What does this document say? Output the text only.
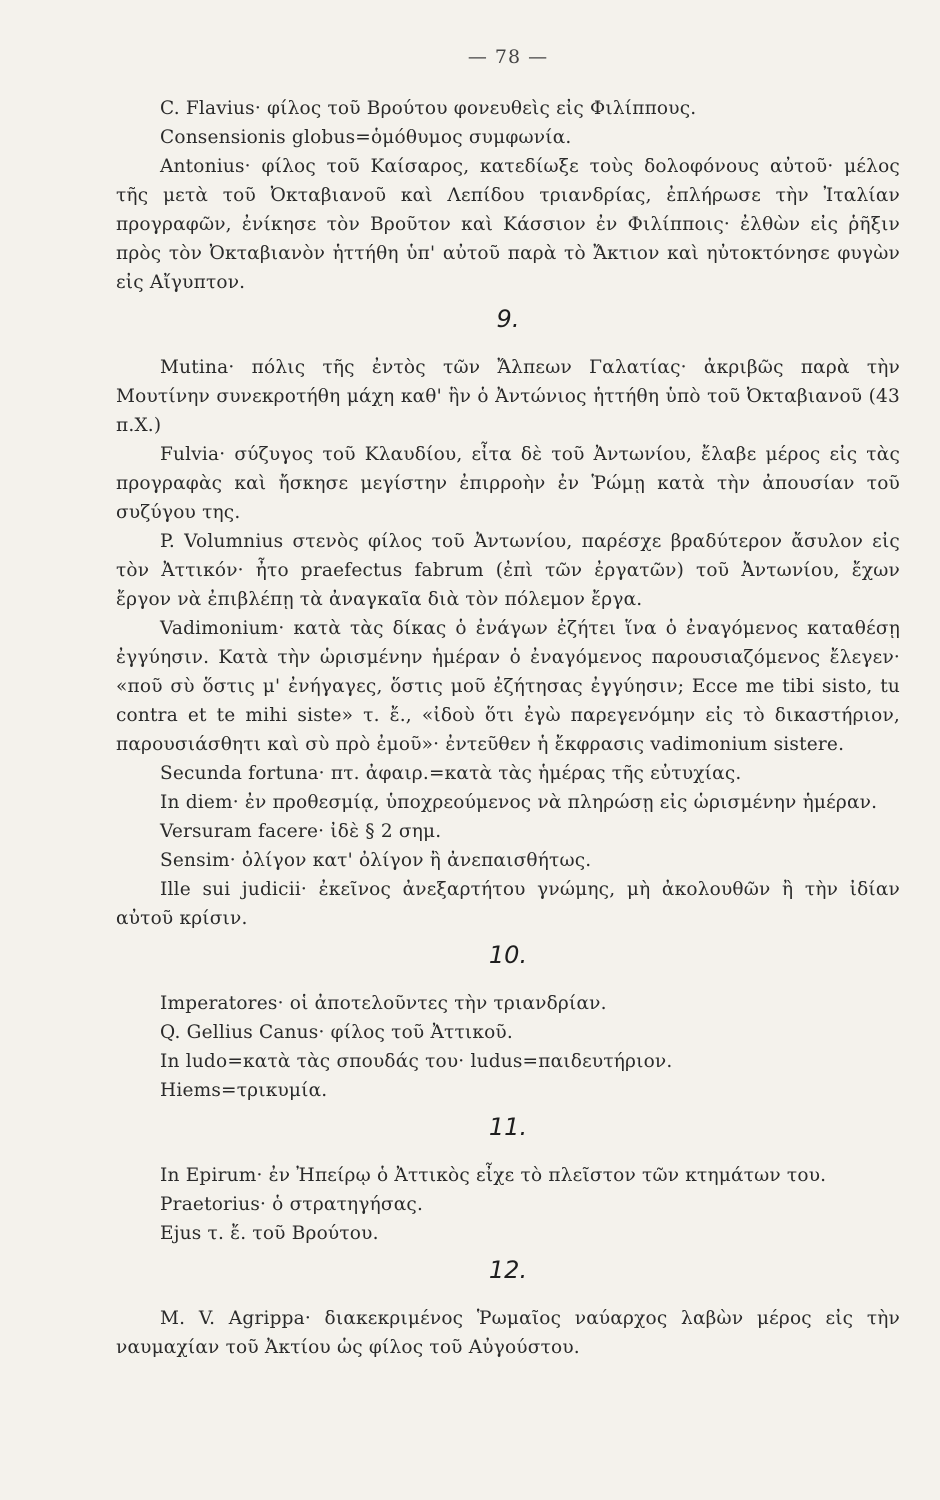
— 78 —

C. Flavius· φίλος τοῦ Βρούτου φονευθεὶς εἰς Φιλίππους.

Consensionis globus=ὁμόθυμος συμφωνία.

Antonius· φίλος τοῦ Καίσαρος, κατεδίωξε τοὺς δολοφόνους αὐτοῦ· μέλος τῆς μετὰ τοῦ Ὀκταβιανοῦ καὶ Λεπίδου τριανδρίας, ἐπλήρωσε τὴν Ἰταλίαν προγραφῶν, ἐνίκησε τὸν Βροῦτον καὶ Κάσσιον ἐν Φιλίπποις· ἐλθὼν εἰς ῥῆξιν πρὸς τὸν Ὀκταβιανὸν ἡττήθη ὑπ' αὐτοῦ παρὰ τὸ Ἄκτιον καὶ ηὐτοκτόνησε φυγὼν εἰς Αἴγυπτον.

9.

Mutina· πόλις τῆς ἐντὸς τῶν Ἄλπεων Γαλατίας· ἀκριβῶς παρὰ τὴν Μουτίνην συνεκροτήθη μάχη καθ' ἣν ὁ Ἀντώνιος ἡττήθη ὑπὸ τοῦ Ὀκταβιανοῦ (43 π.Χ.)

Fulvia· σύζυγος τοῦ Κλαυδίου, εἶτα δὲ τοῦ Ἀντωνίου, ἔλαβε μέρος εἰς τὰς προγραφὰς καὶ ἤσκησε μεγίστην ἐπιρροὴν ἐν Ῥώμῃ κατὰ τὴν ἀπουσίαν τοῦ συζύγου της.

P. Volumnius στενὸς φίλος τοῦ Ἀντωνίου, παρέσχε βραδύτερον ἄσυλον εἰς τὸν Ἀττικόν· ἦτο praefectus fabrum (ἐπὶ τῶν ἐργατῶν) τοῦ Ἀντωνίου, ἔχων ἔργον νὰ ἐπιβλέπῃ τὰ ἀναγκαῖα διὰ τὸν πόλεμον ἔργα.

Vadimonium· κατὰ τὰς δίκας ὁ ἐνάγων ἐζήτει ἵνα ὁ ἐναγόμενος καταθέσῃ ἐγγύησιν. Κατὰ τὴν ὡρισμένην ἡμέραν ὁ ἐναγόμενος παρουσιαζόμενος ἔλεγεν· «ποῦ σὺ ὅστις μ' ἐνήγαγες, ὅστις μοῦ ἐζήτησας ἐγγύησιν; Ecce me tibi sisto, tu contra et te mihi siste» τ. ἔ., «ἰδοὺ ὅτι ἐγὼ παρεγενόμην εἰς τὸ δικαστήριον, παρουσιάσθητι καὶ σὺ πρὸ ἐμοῦ»· ἐντεῦθεν ἡ ἔκφρασις vadimonium sistere.

Secunda fortuna· πτ. ἀφαιρ.=κατὰ τὰς ἡμέρας τῆς εὐτυχίας.

In diem· ἐν προθεσμίᾳ, ὑποχρεούμενος νὰ πληρώσῃ εἰς ὡρισμένην ἡμέραν.

Versuram facere· ἰδὲ § 2 σημ.

Sensim· ὀλίγον κατ' ὀλίγον ἢ ἀνεπαισθήτως.

Ille sui judicii· ἐκεῖνος ἀνεξαρτήτου γνώμης, μὴ ἀκολουθῶν ἢ τὴν ἰδίαν αὐτοῦ κρίσιν.

10.

Imperatores· οἱ ἀποτελοῦντες τὴν τριανδρίαν.

Q. Gellius Canus· φίλος τοῦ Ἀττικοῦ.

In ludo=κατὰ τὰς σπουδάς του· ludus=παιδευτήριον.

Hiems=τρικυμία.

11.

In Epirum· ἐν Ἠπείρῳ ὁ Ἀττικὸς εἶχε τὸ πλεῖστον τῶν κτημάτων του.

Praetorius· ὁ στρατηγήσας.

Ejus τ. ἔ. τοῦ Βρούτου.

12.

M. V. Agrippa· διακεκριμένος Ῥωμαῖος ναύαρχος λαβὼν μέρος εἰς τὴν ναυμαχίαν τοῦ Ἀκτίου ὡς φίλος τοῦ Αὐγούστου.
